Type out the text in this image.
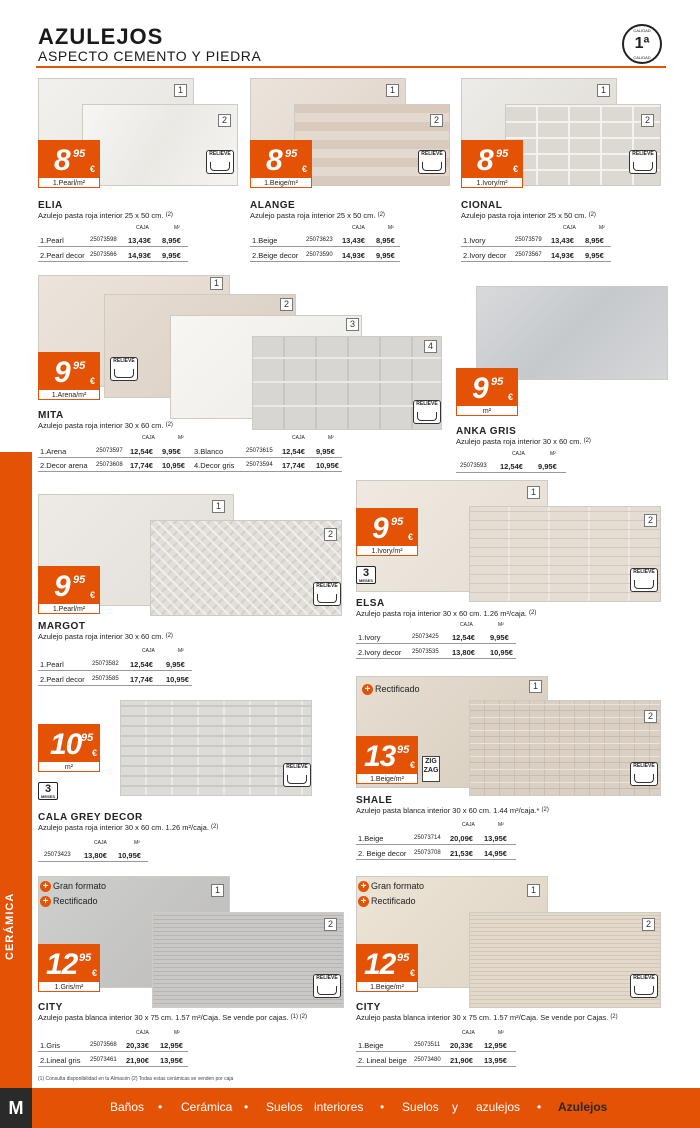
AZULEJOS
ASPECTO CEMENTO Y PIEDRA
CALIDAD
1ª
CALIDAD
CERÁMICA
1
2
RELIEVE
8 95
€
1.Pearl/m²
ELIA
Azulejo pasta roja interior 25 x 50 cm. $^{(2)}$
CAJA	M²
1.Pearl	25073598 13,43€ 8,95€
2.Pearl decor 25073566 14,93€ 9,95€
1
2
RELIEVE
8 95
€
1.Beige/m²
ALANGE
Azulejo pasta roja interior 25 x 50 cm. $^{(2)}$
CAJA	M²
1.Beige	25073623 13,43€ 8,95€
2.Beige decor 25073590 14,93€ 9,95€
1
2
RELIEVE
8 95
€
1.Ivory/m²
CIONAL
Azulejo pasta roja interior 25 x 50 cm. $^{(2)}$
CAJA	M²
1.Ivory	25073579 13,43€ 8,95€
2.Ivory decor 25073567 14,93€ 9,95€
1
2
3
4
RELIEVE
RELIEVE
9 95
€
1.Arena/m²
MITA
Azulejo pasta roja interior 30 x 60 cm. $^{(2)}$
CAJA	M²
1.Arena	25073597 12,54€ 9,95€
2.Decor arena 25073608 17,74€ 10,95€
CAJA	M²
3.Blanco	25073615 12,54€ 9,95€
4.Decor gris 25073594 17,74€ 10,95€
9 95
€
m²
ANKA GRIS
Azulejo pasta roja interior 30 x 60 cm. $^{(2)}$
CAJA	M²
25073593 12,54€ 9,95€
1
2
RELIEVE
9 95
€
1.Pearl/m²
MARGOT
Azulejo pasta roja interior 30 x 60 cm. $^{(2)}$
CAJA	M²
1.Pearl	25073582 12,54€ 9,95€
2.Pearl decor 25073585 17,74€ 10,95€
1
2
RELIEVE
9 95
€
1.Ivory/m²
3
MESES
ELSA
Azulejo pasta roja interior 30 x 60 cm. 1.26 m²/caja. $^{(2)}$
CAJA	M²
1.Ivory	25073425 12,54€ 9,95€
2.Ivory decor 25073535 13,80€ 10,95€
RELIEVE
10 95
€
m²
3
MESES
CALA GREY DECOR
Azulejo pasta roja interior 30 x 60 cm. 1.26 m²/caja. $^{(2)}$
CAJA	M²
25073423 13,80€ 10,95€
1
2
RELIEVE
+ Rectificado
13 95
€
1.Beige/m²
ZIG ZAG
SHALE
Azulejo pasta blanca interior 30 x 60 cm. 1.44 m²/caja.* $^{(2)}$
CAJA	M²
1.Beige	25073714 20,09€ 13,95€
2. Beige decor 25073708 21,53€ 14,95€
1
2
RELIEVE
+ Gran formato
+ Rectificado
12 95
€
1.Gris/m²
CITY
Azulejo pasta blanca interior 30 x 75 cm. 1.57 m²/Caja. Se vende por cajas. $^{(1) (2)}$
CAJA	M²
1.Gris	25073568 20,33€ 12,95€
2.Lineal gris 25073461 21,90€ 13,95€
1
2
RELIEVE
+ Gran formato
+ Rectificado
12 95
€
1.Beige/m²
CITY
Azulejo pasta blanca interior 30 x 75 cm. 1.57 m²/Caja. Se vende por Cajas. $^{(2)}$
CAJA	M²
1.Beige	25073511 20,33€ 12,95€
2. Lineal beige 25073480 21,90€ 13,95€
(1) Consulta disponibilidad en tu Almacén (2) Todas estas cerámicas se venden por caja
M	Baños • Cerámica • Suelos interiores • Suelos y azulejos • Azulejos
